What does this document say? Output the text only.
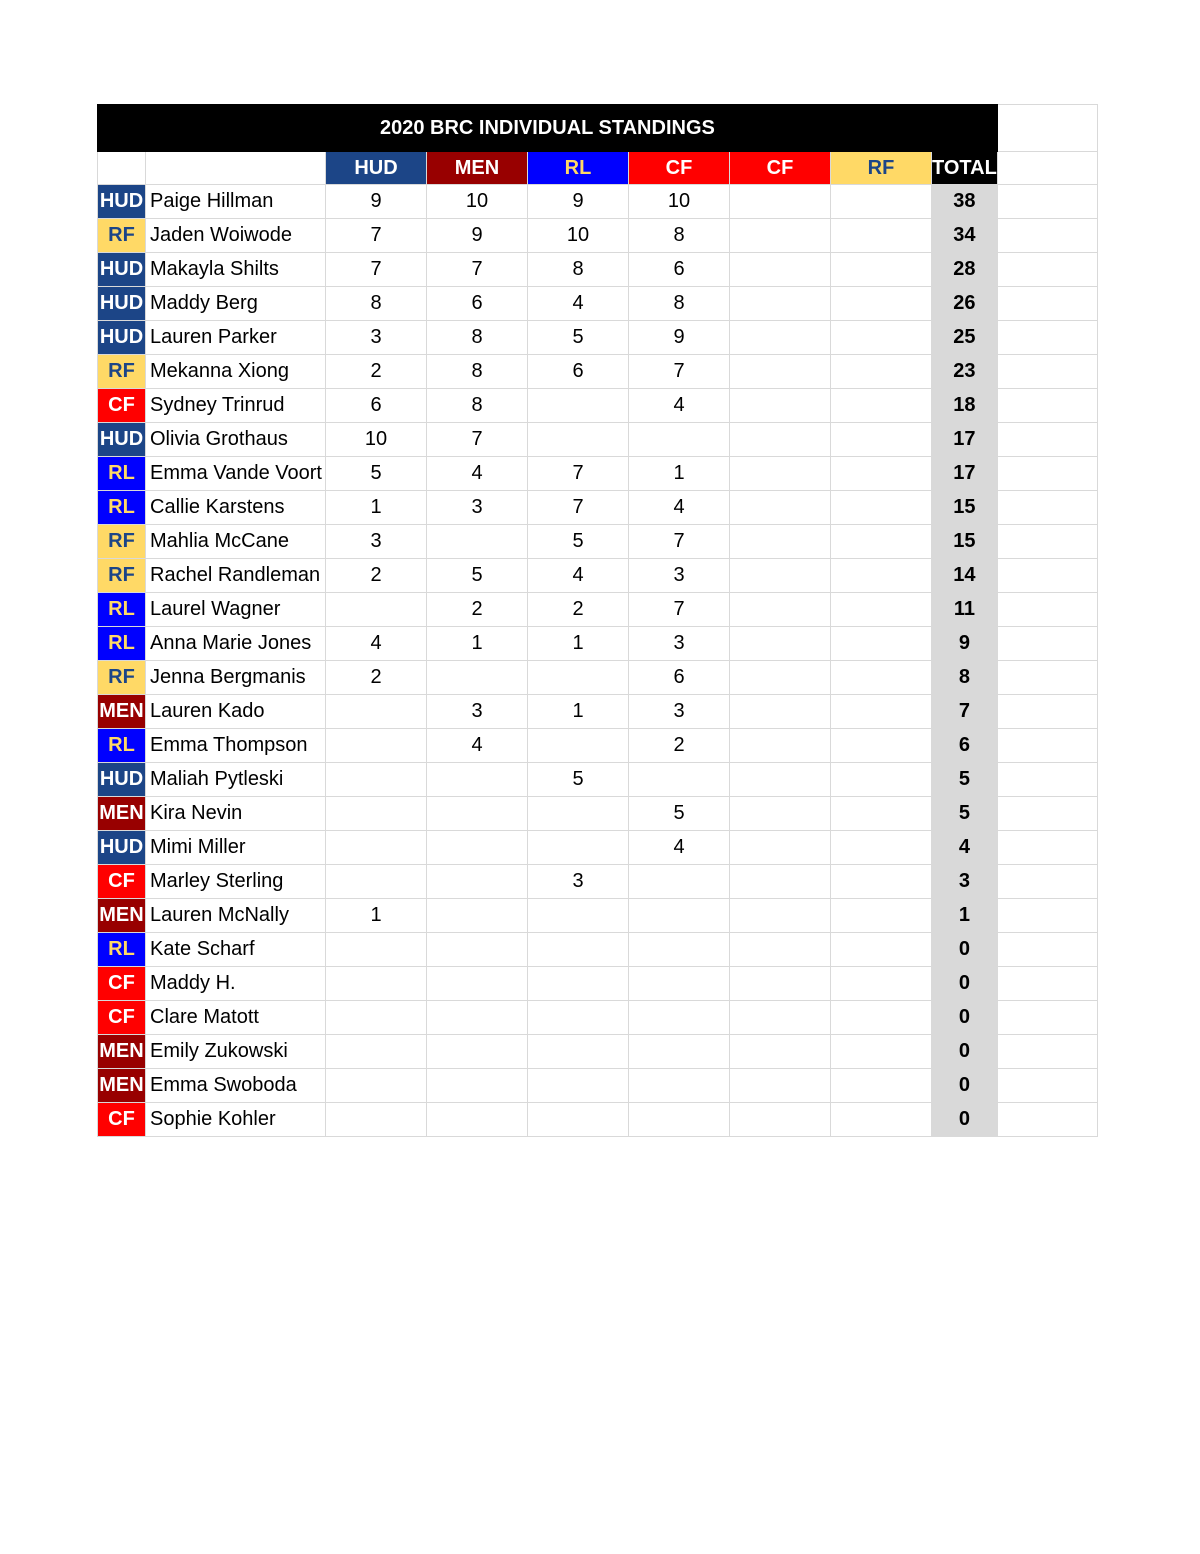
2020 BRC INDIVIDUAL STANDINGS									
		HUD	MEN	RL	CF	CF	RF	TOTAL	
HUD	Paige Hillman	9	10	9	10			38	
RF	Jaden Woiwode	7	9	10	8			34	
HUD	Makayla Shilts	7	7	8	6			28	
HUD	Maddy Berg	8	6	4	8			26	
HUD	Lauren Parker	3	8	5	9			25	
RF	Mekanna Xiong	2	8	6	7			23	
CF	Sydney Trinrud	6	8		4			18	
HUD	Olivia Grothaus	10	7					17	
RL	Emma Vande Voort	5	4	7	1			17	
RL	Callie Karstens	1	3	7	4			15	
RF	Mahlia McCane	3		5	7			15	
RF	Rachel Randleman	2	5	4	3			14	
RL	Laurel Wagner		2	2	7			11	
RL	Anna Marie Jones	4	1	1	3			9	
RF	Jenna Bergmanis	2			6			8	
MEN	Lauren Kado		3	1	3			7	
RL	Emma Thompson		4		2			6	
HUD	Maliah Pytleski			5				5	
MEN	Kira Nevin				5			5	
HUD	Mimi Miller				4			4	
CF	Marley Sterling			3				3	
MEN	Lauren McNally	1						1	
RL	Kate Scharf							0	
CF	Maddy H.							0	
CF	Clare Matott							0	
MEN	Emily Zukowski							0	
MEN	Emma Swoboda							0	
CF	Sophie Kohler							0	
